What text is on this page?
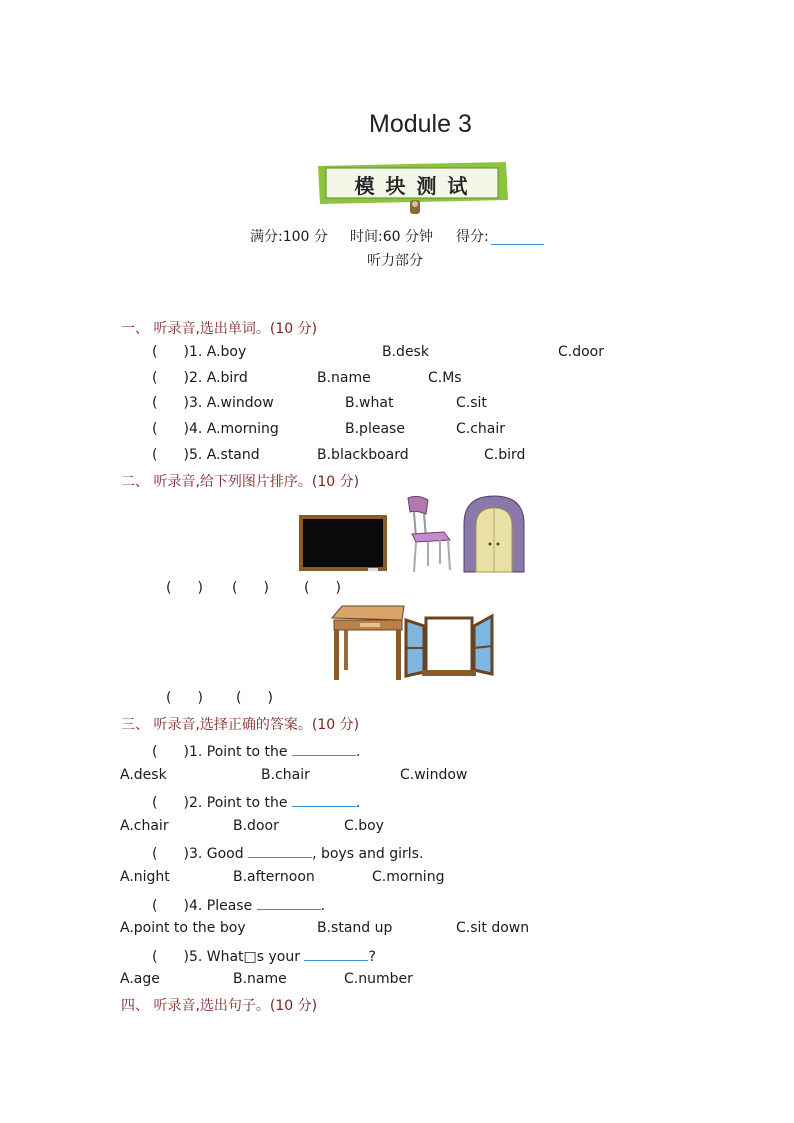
Module 3
模 块 测 试
满分:100 分 时间:60 分钟 得分:
听力部分
一、 听录音,选出单词。(10 分)
( )1. A.boy	B.desk	C.door
( )2. A.bird	B.name	C.Ms
( )3. A.window	B.what	C.sit
( )4. A.morning	B.please	C.chair
( )5. A.stand	B.blackboard	C.bird
二、 听录音,给下列图片排序。(10 分)
( ) ( )	( )
( ) ( )
三、 听录音,选择正确的答案。(10 分)
( )1. Point to the	.
A.desk	B.chair	C.window
( )2. Point to the	.
A.chair	B.door	C.boy
( )3. Good	, boys and girls.
A.night	B.afternoon	C.morning
( )4. Please	.
A.point to the boy	B.stand up	C.sit down
( )5. What□s your	?
A.age	B.name	C.number
四、 听录音,选出句子。(10 分)
